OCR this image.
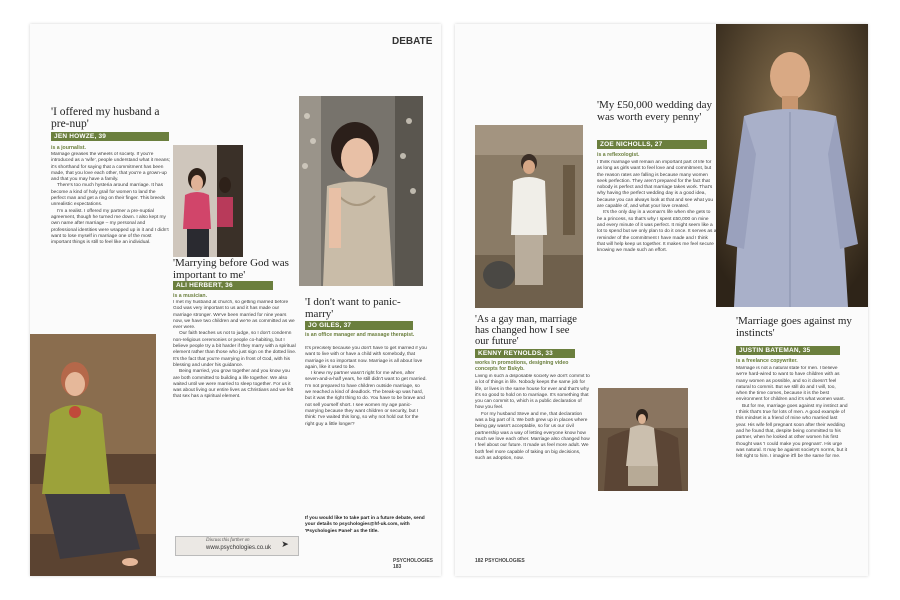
DEBATE
'I offered my husband a pre-nup'
JEN HOWZE, 39
is a journalist.

Marriage greases the wheels of society. If you're introduced as a 'wife', people understand what it means; it's shorthand for saying that a commitment has been made, that you love each other, that you're a grown-up and that you may have a family.

There's too much hysteria around marriage. It has become a kind of holy grail for women to land the perfect man and get a ring on their finger. This breeds unrealistic expectations.

I'm a realist. I offered my partner a pre-nuptial agreement, though he turned me down. I also kept my own name after marriage – my personal and professional identities were wrapped up in it and I didn't want to lose myself in marriage one of the most important things is still to feel like an individual.

'Marrying before God was important to me'
ALI HERBERT, 36
is a musician.

I met my husband at church, so getting married before God was very important to us and it has made our marriage stronger. We've been married for nine years now, we have two children and we're as committed as we ever were.

Our faith teaches us not to judge, so I don't condemn non-religious ceremonies or people co-habiting, but I believe people try a bit harder if they marry with a spiritual element rather than those who just sign on the dotted line. It's the fact that you're marrying in front of God, with his blessing and under his guidance.

Being married, you grow together and you know you are both committed to building a life together. We also waited until we were married to sleep together. For us it was about living our entire lives as Christians and we felt that sex has a spiritual element.

Discuss this further on
www.psychologies.co.uk	➤
'I don't want to panic-marry'
JO GILES, 37
is an office manager and massage therapist.

It's precisely because you don't have to get married if you want to live with or have a child with somebody, that marriage is so important now. Marriage is all about love again, like it used to be.

I knew my partner wasn't right for me when, after seven-and-a-half years, he still didn't want to get married. I'm not prepared to have children outside marriage, so we reached a kind of deadlock. The break-up was hard, but it was the right thing to do. You have to be brave and not sell yourself short. I see women my age panic-marrying because they want children or security, but I think: I've waited this long, so why not hold out for the right guy a little longer?

If you would like to take part in a future debate, send your details to psychologies@hf-uk.com, with 'Psychologies Panel' as the title.
PSYCHOLOGIES 183
'As a gay man, marriage has changed how I see our future'
KENNY REYNOLDS, 33
works in promotions, designing video concepts for Bskyb.

Living in such a disposable society we don't commit to a lot of things in life. Nobody keeps the same job for life, or lives in the same house for ever and that's why it's so good to hold on to marriage. It's something that you can commit to, which is a public declaration of how you feel.

For my husband Steve and me, that declaration was a big part of it. We both grew up in places where being gay wasn't acceptable, so for us our civil partnership was a way of letting everyone know how much we love each other. Marriage also changed how I feel about our future. It made us feel more adult. We both feel more capable of taking on big decisions, such as adoption, now.

182 PSYCHOLOGIES
'My £50,000 wedding day was worth every penny'
ZOE NICHOLLS, 27
is a reflexologist.

I think marriage will remain an important part of life for as long as girls want to feel love and commitment, but the reason rates are falling is because many women seek perfection. They aren't prepared for the fact that nobody is perfect and that marriage takes work. That's why having the perfect wedding day is a good idea, because you can always look at that and see what you are capable of, and what your love created.

It's the only day in a woman's life when she gets to be a princess, so that's why I spent £50,000 on mine and every minute of it was perfect. It might seem like a lot to spend but we only plan to do it once. It serves as a reminder of the commitment I have made and I think that will help keep us together. It makes me feel secure knowing we made such an effort.

'Marriage goes against my instincts'
JUSTIN BATEMAN, 35
is a freelance copywriter.

Marriage is not a natural state for men. I believe we're hard-wired to want to have children with as many women as possible, and so it doesn't feel natural to commit. But we still do and I will, too, when the time comes, because it is the best environment for children and it's what women want.

But for me, marriage goes against my instinct and I think that's true for lots of men. A good example of this mindset is a friend of mine who married last year. His wife fell pregnant soon after their wedding and he found that, despite being committed to his partner, when he looked at other women his first thought was 'I could make you pregnant'. His urge was natural. It may be against society's norms, but it felt right to him. I imagine it'll be the same for me.
